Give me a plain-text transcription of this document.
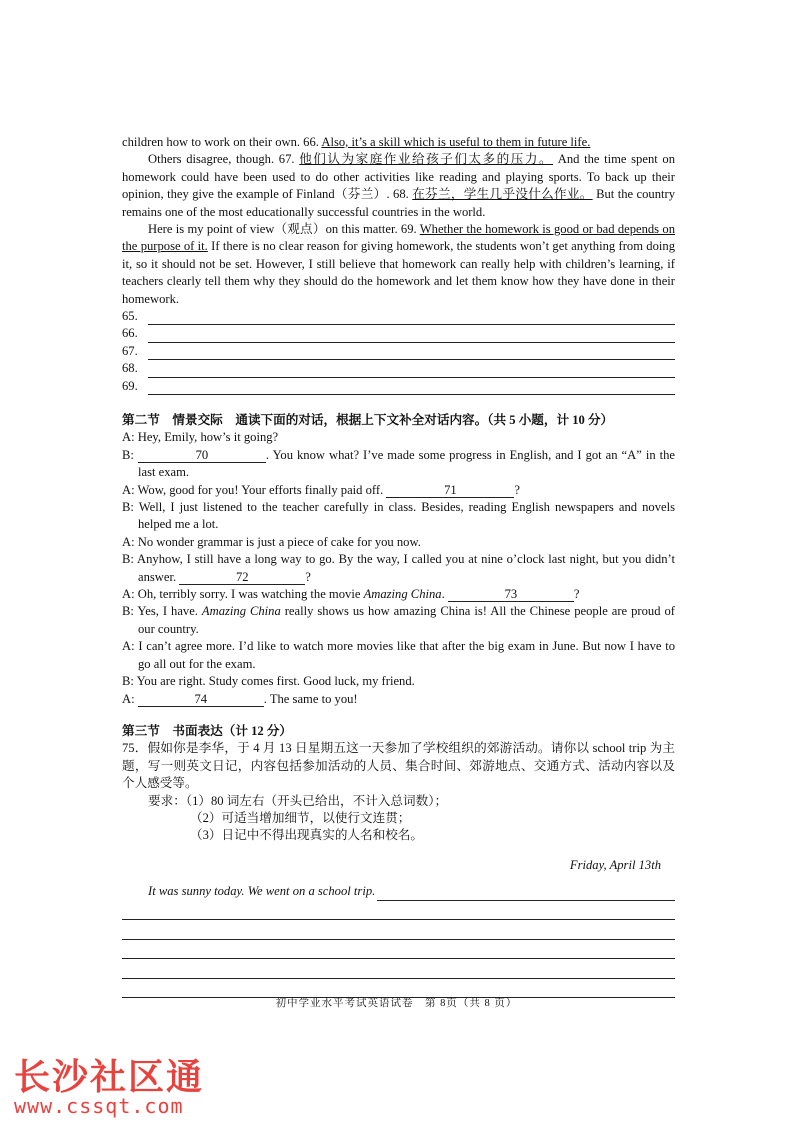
children how to work on their own. 66. Also, it’s a skill which is useful to them in future life.

Others disagree, though. 67. 他们认为家庭作业给孩子们太多的压力。 And the time spent on homework could have been used to do other activities like reading and playing sports. To back up their opinion, they give the example of Finland（芬兰）. 68. 在芬兰，学生几乎没什么作业。 But the country remains one of the most educationally successful countries in the world.

Here is my point of view（观点）on this matter. 69. Whether the homework is good or bad depends on the purpose of it. If there is no clear reason for giving homework, the students won’t get anything from doing it, so it should not be set. However, I still believe that homework can really help with children’s learning, if teachers clearly tell them why they should do the homework and let them know how they have done in their homework.

65.
66.
67.
68.
69.

第二节　情景交际　通读下面的对话，根据上下文补全对话内容。（共 5 小题，计 10 分）

A: Hey, Emily, how’s it going?

B:	70	. You know what? I’ve made some progress in English, and I got an “A” in the last exam.

A: Wow, good for you! Your efforts finally paid off.	71	?

B: Well, I just listened to the teacher carefully in class. Besides, reading English newspapers and novels helped me a lot.

A: No wonder grammar is just a piece of cake for you now.

B: Anyhow, I still have a long way to go. By the way, I called you at nine o’clock last night, but you didn’t answer.	72	?

A: Oh, terribly sorry. I was watching the movie Amazing China.	73	?

B: Yes, I have. Amazing China really shows us how amazing China is! All the Chinese people are proud of our country.

A: I can’t agree more. I’d like to watch more movies like that after the big exam in June. But now I have to go all out for the exam.

B: You are right. Study comes first. Good luck, my friend.

A:	74	. The same to you!

第三节　书面表达（计 12 分）

75．假如你是李华，于 4 月 13 日星期五这一天参加了学校组织的郊游活动。请你以 school trip 为主题，写一则英文日记，内容包括参加活动的人员、集合时间、郊游地点、交通方式、活动内容以及个人感受等。

要求：（1）80 词左右（开头已给出，不计入总词数）；

（2）可适当增加细节，以使行文连贯；

（3）日记中不得出现真实的人名和校名。

Friday, April 13th

It was sunny today. We went on a school trip.
初中学业水平考试英语试卷　第 8页（共 8 页）
长沙社区通
www.cssqt.com
